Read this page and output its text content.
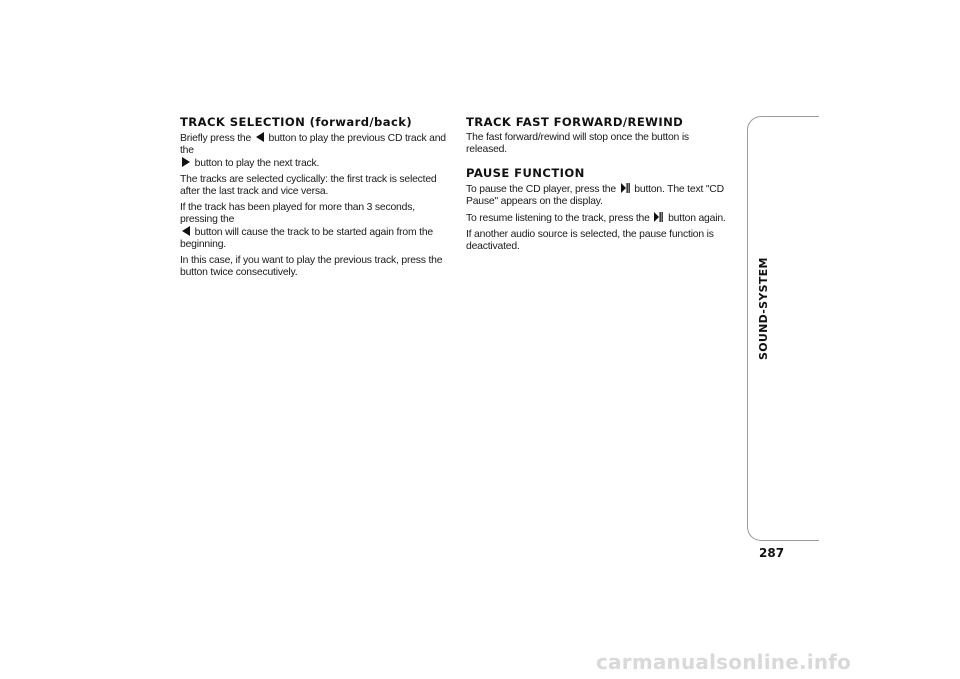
TRACK SELECTION (forward/back)

Briefly press the  button to play the previous CD track and the
button to play the next track.

The tracks are selected cyclically: the first track is selected after the last track and vice versa.

If the track has been played for more than 3 seconds, pressing the
button will cause the track to be started again from the beginning.

In this case, if you want to play the previous track, press the button twice consecutively.

TRACK FAST FORWARD/REWIND

The fast forward/rewind will stop once the button is released.

PAUSE FUNCTION

To pause the CD player, press the  button. The text "CD Pause" appears on the display.

To resume listening to the track, press the  button again.

If another audio source is selected, the pause function is deactivated.

SOUND-SYSTEM
287
carmanualsonline.info
